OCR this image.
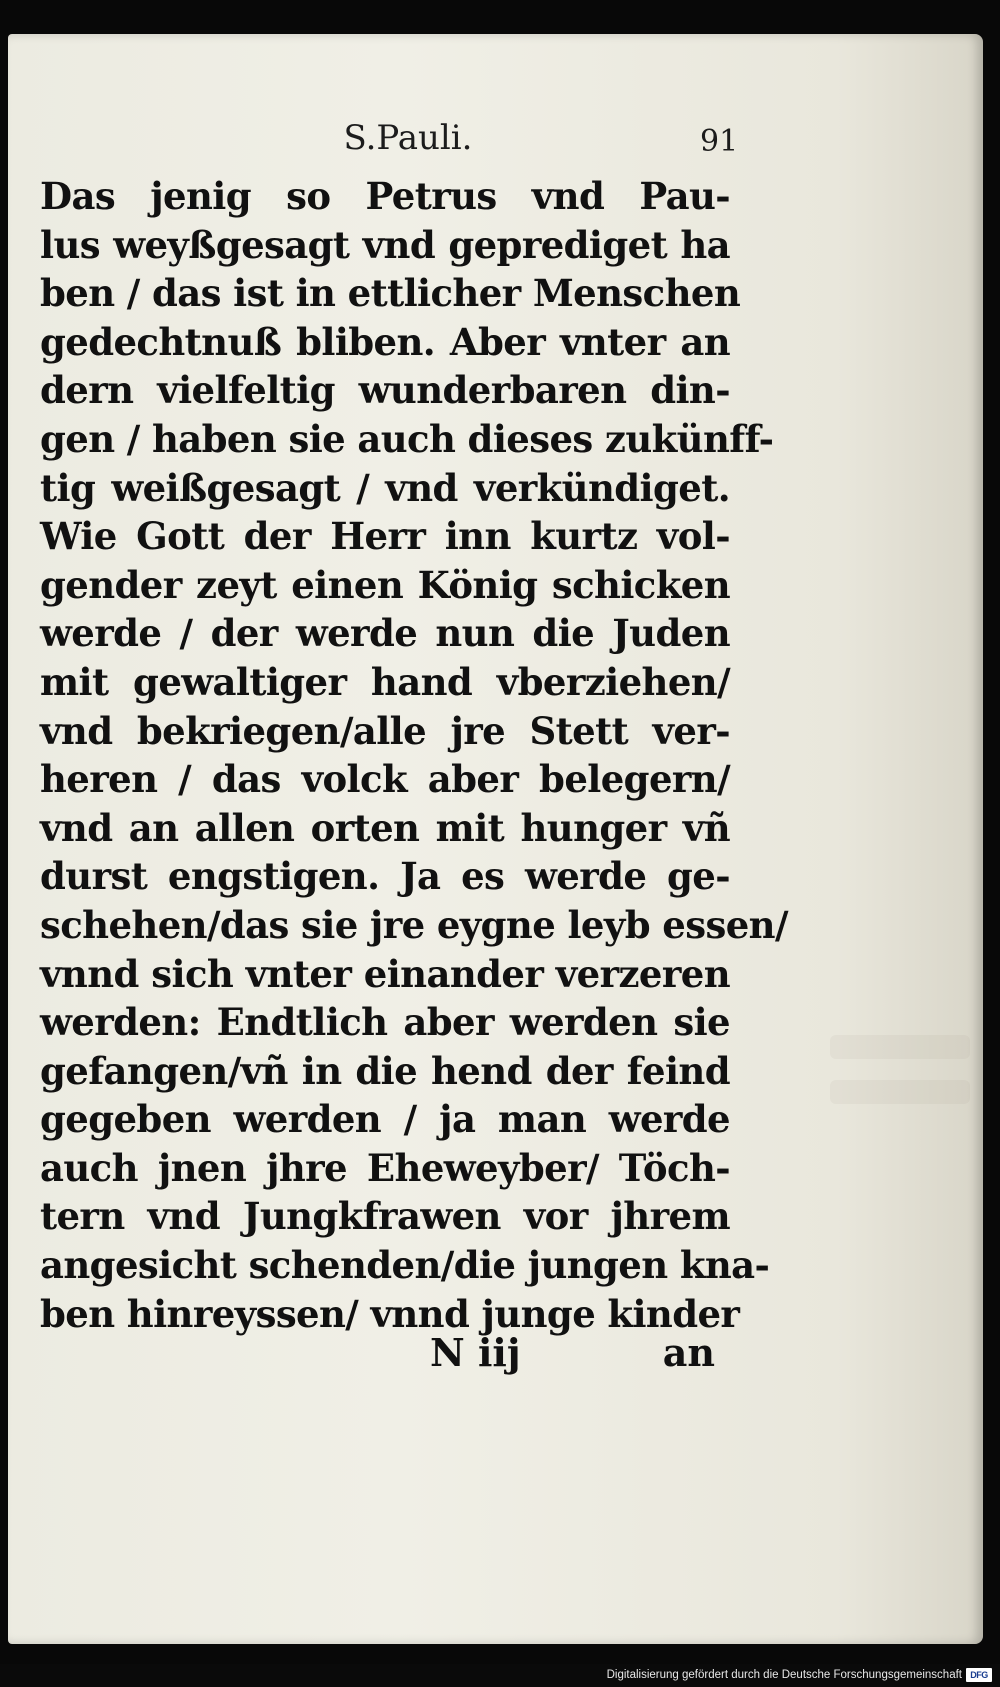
S.Pauli.	91
Das jenig so Petrus vnd Pau-
lus weyßgesagt vnd geprediget ha
ben / das ist in ettlicher Menschen
gedechtnuß bliben. Aber vnter an
dern vielfeltig wunderbaren din-
gen / haben sie auch dieses zukünff-
tig weißgesagt / vnd verkündiget.
Wie Gott der Herr inn kurtz vol-
gender zeyt einen König schicken
werde / der werde nun die Juden
mit gewaltiger hand vberziehen/
vnd bekriegen/alle jre Stett ver-
heren / das volck aber belegern/
vnd an allen orten mit hunger vñ
durst engstigen. Ja es werde ge-
schehen/das sie jre eygne leyb essen/
vnnd sich vnter einander verzeren
werden: Endtlich aber werden sie
gefangen/vñ in die hend der feind
gegeben werden / ja man werde
auch jnen jhre Eheweyber/ Töch-
tern vnd Jungkfrawen vor jhrem
angesicht schenden/die jungen kna-
ben hinreyssen/ vnnd junge kinder
N iij	an
Digitalisierung gefördert durch die Deutsche Forschungsgemeinschaft DFG
